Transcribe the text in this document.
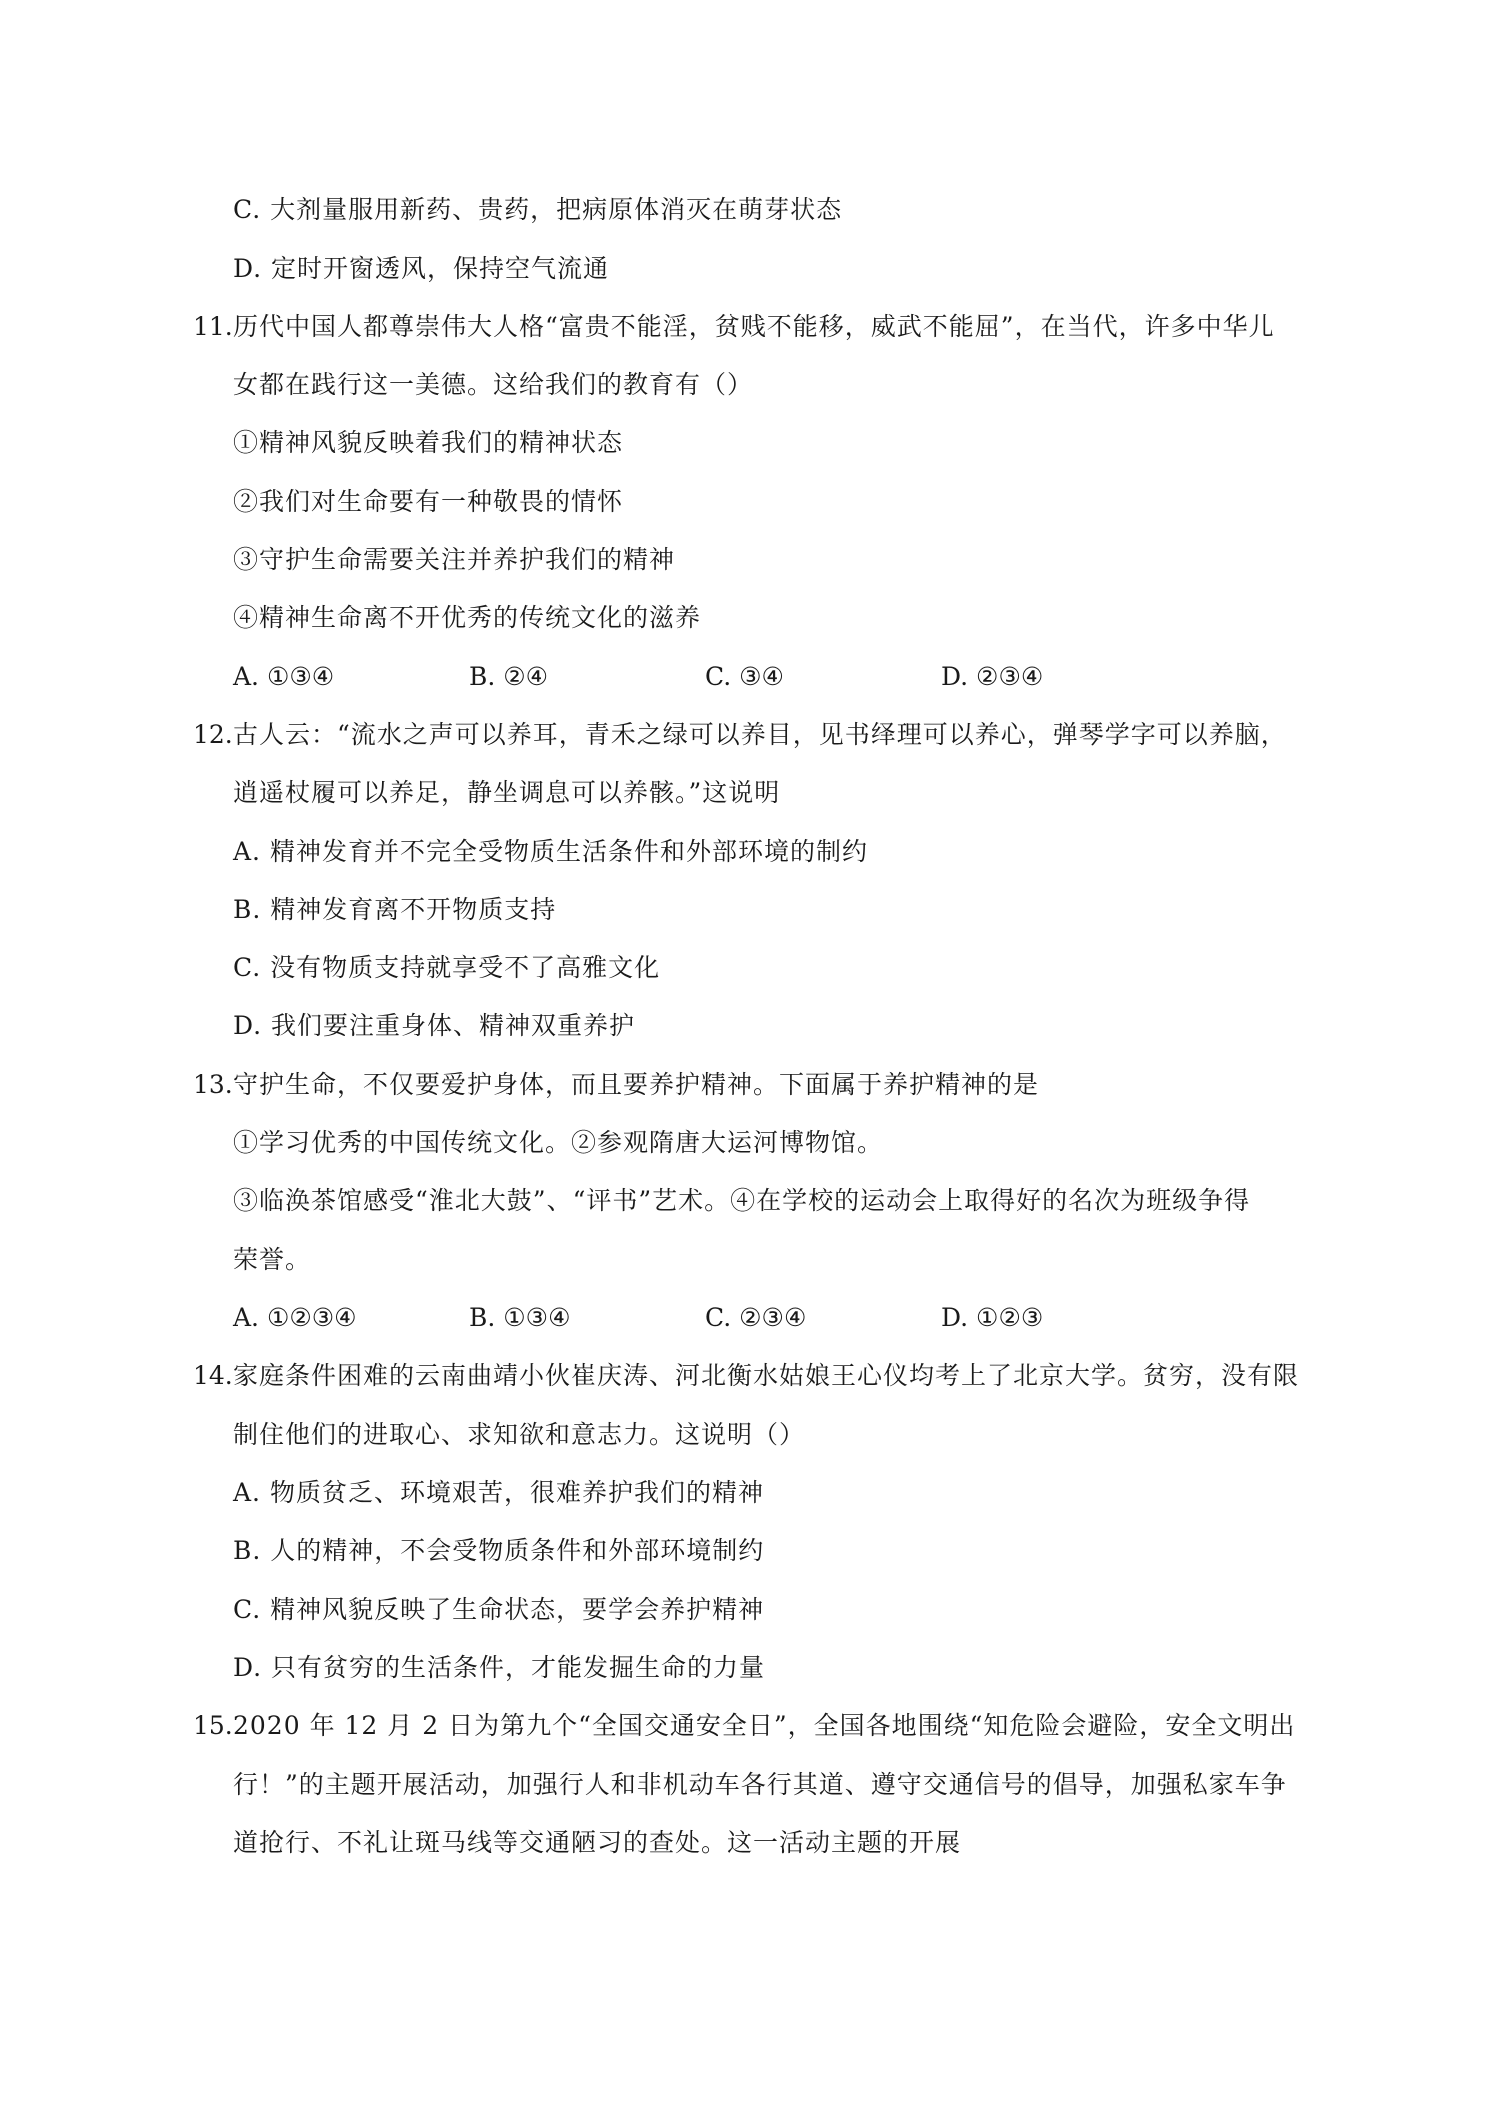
C. 大剂量服用新药、贵药，把病原体消灭在萌芽状态
D. 定时开窗透风，保持空气流通
11. 历代中国人都尊崇伟大人格“富贵不能淫，贫贱不能移，威武不能屈”，在当代，许多中华儿
女都在践行这一美德。这给我们的教育有（）
①精神风貌反映着我们的精神状态
②我们对生命要有一种敬畏的情怀
③守护生命需要关注并养护我们的精神
④精神生命离不开优秀的传统文化的滋养
A. ①③④	B. ②④	C. ③④	D. ②③④
12. 古人云：“流水之声可以养耳，青禾之绿可以养目，见书绎理可以养心，弹琴学字可以养脑，
逍遥杖履可以养足，静坐调息可以养骸。”这说明
A. 精神发育并不完全受物质生活条件和外部环境的制约
B. 精神发育离不开物质支持
C. 没有物质支持就享受不了高雅文化
D. 我们要注重身体、精神双重养护
13. 守护生命，不仅要爱护身体，而且要养护精神。下面属于养护精神的是
①学习优秀的中国传统文化。②参观隋唐大运河博物馆。
③临涣茶馆感受“淮北大鼓”、“评书”艺术。④在学校的运动会上取得好的名次为班级争得
荣誉。
A. ①②③④	B. ①③④	C. ②③④	D. ①②③
14. 家庭条件困难的云南曲靖小伙崔庆涛、河北衡水姑娘王心仪均考上了北京大学。贫穷，没有限
制住他们的进取心、求知欲和意志力。这说明（）
A. 物质贫乏、环境艰苦，很难养护我们的精神
B. 人的精神，不会受物质条件和外部环境制约
C. 精神风貌反映了生命状态，要学会养护精神
D. 只有贫穷的生活条件，才能发掘生命的力量
15. 2020 年 12 月 2 日为第九个“全国交通安全日”，全国各地围绕“知危险会避险，安全文明出
行！”的主题开展活动，加强行人和非机动车各行其道、遵守交通信号的倡导，加强私家车争
道抢行、不礼让斑马线等交通陋习的查处。这一活动主题的开展
